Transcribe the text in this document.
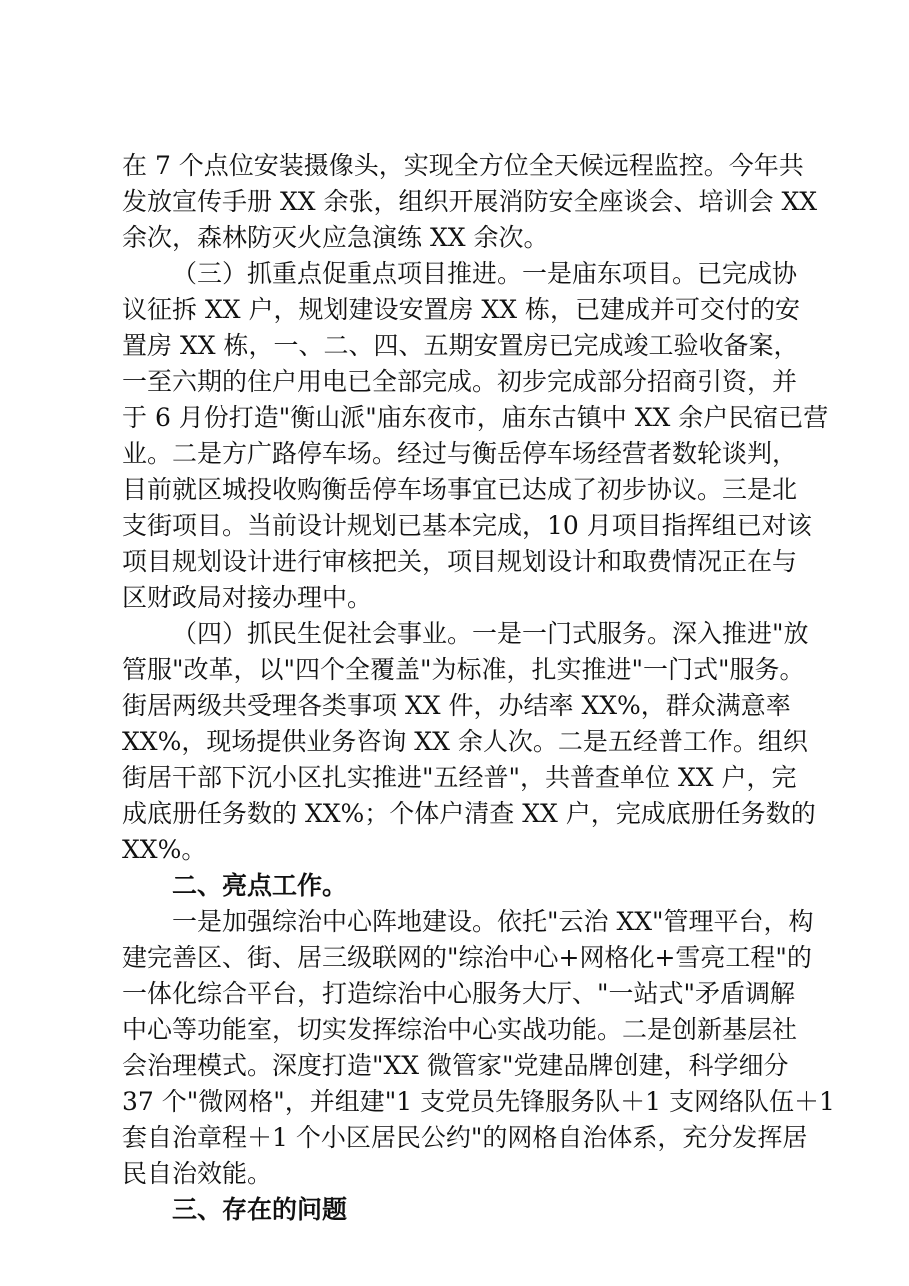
在 7 个点位安装摄像头，实现全方位全天候远程监控。今年共
发放宣传手册 XX 余张，组织开展消防安全座谈会、培训会 XX
余次，森林防灭火应急演练 XX 余次。
（三）抓重点促重点项目推进。一是庙东项目。已完成协
议征拆 XX 户，规划建设安置房 XX 栋，已建成并可交付的安
置房 XX 栋，一、二、四、五期安置房已完成竣工验收备案，
一至六期的住户用电已全部完成。初步完成部分招商引资，并
于 6 月份打造"衡山派"庙东夜市，庙东古镇中 XX 余户民宿已营
业。二是方广路停车场。经过与衡岳停车场经营者数轮谈判，
目前就区城投收购衡岳停车场事宜已达成了初步协议。三是北
支街项目。当前设计规划已基本完成，10 月项目指挥组已对该
项目规划设计进行审核把关，项目规划设计和取费情况正在与
区财政局对接办理中。
（四）抓民生促社会事业。一是一门式服务。深入推进"放
管服"改革，以"四个全覆盖"为标准，扎实推进"一门式"服务。
街居两级共受理各类事项 XX 件，办结率 XX%，群众满意率
XX%，现场提供业务咨询 XX 余人次。二是五经普工作。组织
街居干部下沉小区扎实推进"五经普"，共普查单位 XX 户，完
成底册任务数的 XX%；个体户清查 XX 户，完成底册任务数的
XX%。
二、亮点工作。
一是加强综治中心阵地建设。依托"云治 XX"管理平台，构
建完善区、街、居三级联网的"综治中心+网格化+雪亮工程"的
一体化综合平台，打造综治中心服务大厅、"一站式"矛盾调解
中心等功能室，切实发挥综治中心实战功能。二是创新基层社
会治理模式。深度打造"XX 微管家"党建品牌创建，科学细分
37 个"微网格"，并组建"1 支党员先锋服务队＋1 支网络队伍＋1
套自治章程＋1 个小区居民公约"的网格自治体系，充分发挥居
民自治效能。
三、存在的问题
